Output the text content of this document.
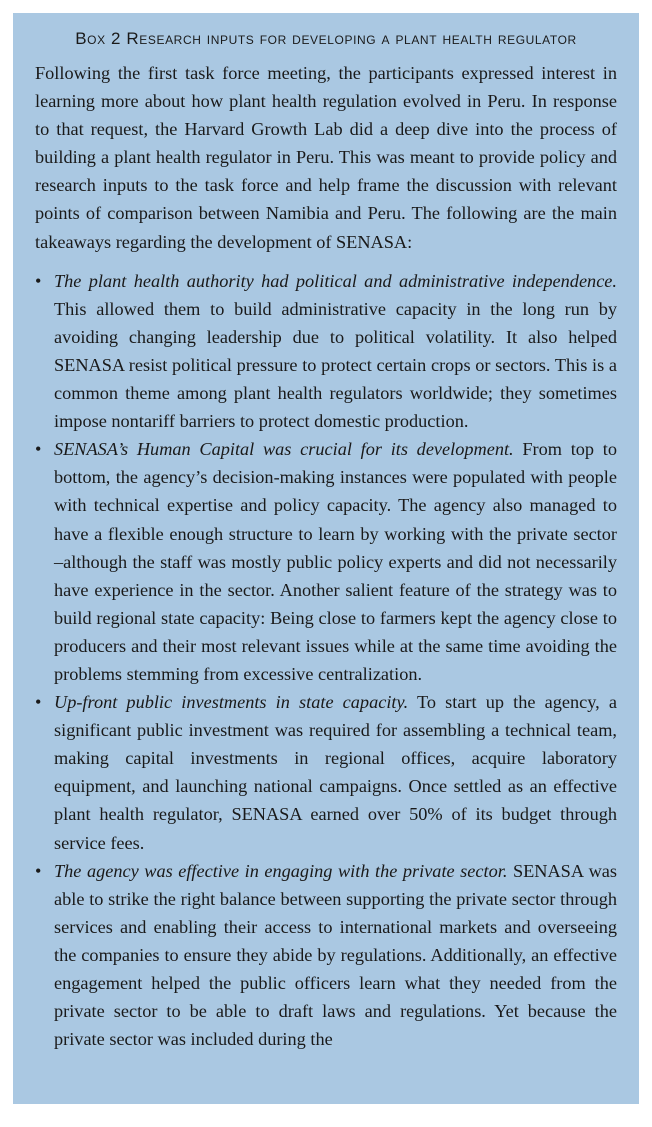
Box 2 Research inputs for developing a plant health regulator

Following the first task force meeting, the participants expressed interest in learning more about how plant health regulation evolved in Peru. In response to that request, the Harvard Growth Lab did a deep dive into the process of building a plant health regulator in Peru. This was meant to provide policy and research inputs to the task force and help frame the discussion with relevant points of comparison between Namibia and Peru. The following are the main takeaways regarding the development of SENASA:

• The plant health authority had political and administrative independence. This allowed them to build administrative capacity in the long run by avoiding changing leadership due to political volatility. It also helped SENASA resist political pressure to protect certain crops or sectors. This is a common theme among plant health regulators worldwide; they sometimes impose nontariff barriers to protect domestic production.
• SENASA’s Human Capital was crucial for its development. From top to bottom, the agency’s decision-making instances were populated with people with technical expertise and policy capacity. The agency also managed to have a flexible enough structure to learn by working with the private sector –although the staff was mostly public policy experts and did not necessarily have experience in the sector. Another salient feature of the strategy was to build regional state capacity: Being close to farmers kept the agency close to producers and their most relevant issues while at the same time avoiding the problems stemming from excessive centralization.
• Up-front public investments in state capacity. To start up the agency, a significant public investment was required for assembling a technical team, making capital investments in regional offices, acquire laboratory equipment, and launching national campaigns. Once settled as an effective plant health regulator, SENASA earned over 50% of its budget through service fees.
• The agency was effective in engaging with the private sector. SENASA was able to strike the right balance between supporting the private sector through services and enabling their access to international markets and overseeing the companies to ensure they abide by regulations. Additionally, an effective engagement helped the public officers learn what they needed from the private sector to be able to draft laws and regulations. Yet because the private sector was included during the
